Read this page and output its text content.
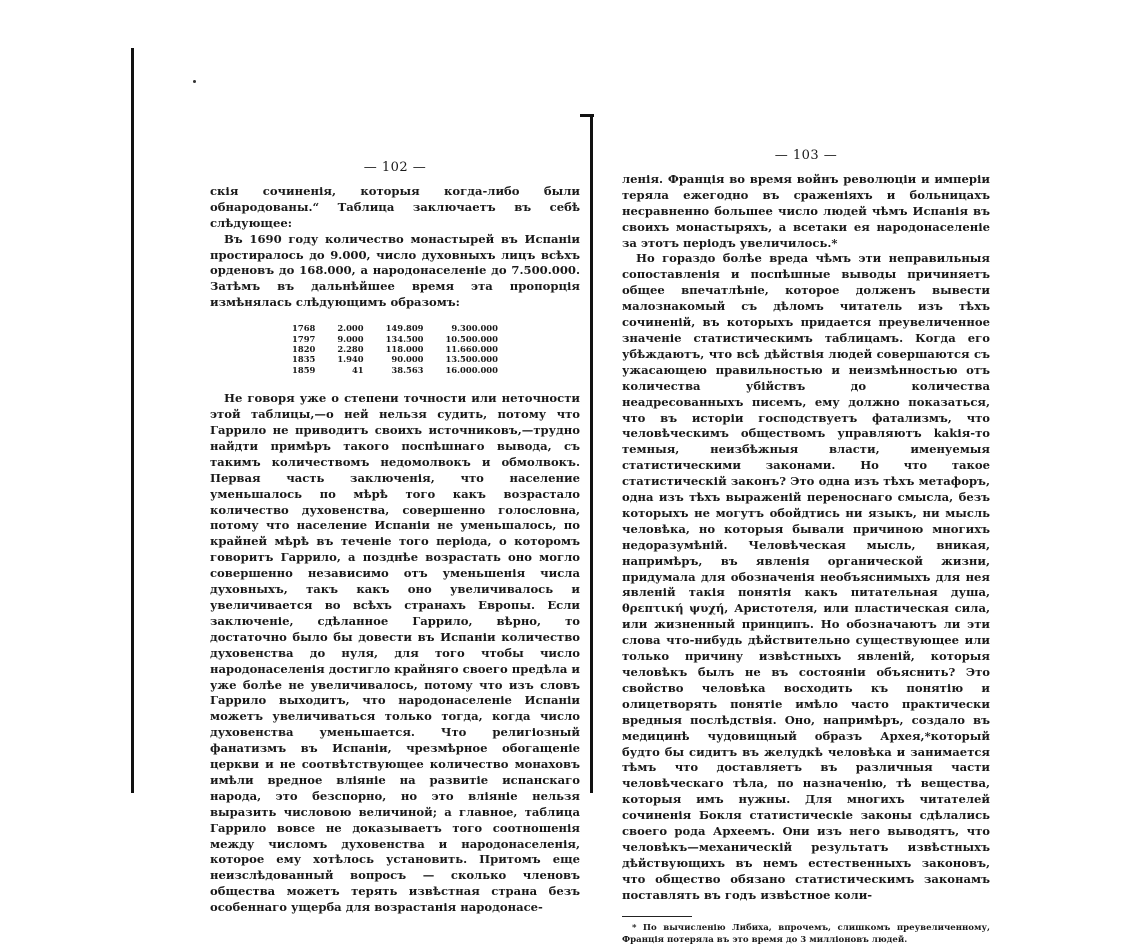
— 102 —

скія сочиненія, которыя когда-либо были обнародованы.“ Таблица заключаетъ въ себѣ слѣдующее:

Въ 1690 году количество монастырей въ Испаніи простиралось до 9.000, число духовныхъ лицъ всѣхъ орденовъ до 168.000, а народонаселеніе до 7.500.000. Затѣмъ въ дальнѣйшее время эта пропорція измѣнялась слѣдующимъ образомъ:

1768	2.000	149.809	9.300.000
1797	9.000	134.500	10.500.000
1820	2.280	118.000	11.660.000
1835	1.940	90.000	13.500.000
1859	41	38.563	16.000.000

Не говоря уже о степени точности или неточности этой таблицы,—о ней нельзя судить, потому что Гаррило не приводитъ своихъ источниковъ,—трудно найдти примѣръ такого поспѣшнаго вывода, съ такимъ количествомъ недомолвокъ и обмолвокъ. Первая часть заключенія, что население уменьшалось по мѣрѣ того какъ возрастало количество духовенства, совершенно голословна, потому что население Испаніи не уменьшалось, по крайней мѣрѣ въ теченіе того періода, о которомъ говоритъ Гаррило, а позднѣе возрастать оно могло совершенно независимо отъ уменьшенія числа духовныхъ, такъ какъ оно увеличивалось и увеличивается во всѣхъ странахъ Европы. Если заключеніе, сдѣланное Гаррило, вѣрно, то достаточно было бы довести въ Испаніи количество духовенства до нуля, для того чтобы число народонаселенія достигло крайняго своего предѣла и уже болѣе не увеличивалось, потому что изъ словъ Гаррило выходитъ, что народонаселеніе Испаніи можетъ увеличиваться только тогда, когда число духовенства уменьшается. Что религіозный фанатизмъ въ Испаніи, чрезмѣрное обогащеніе церкви и не соотвѣтствующее количество монаховъ имѣли вредное вліяніе на развитіе испанскаго народа, это безспорно, но это вліяніе нельзя выразить числовою величиной; а главное, таблица Гаррило вовсе не доказываетъ того соотношенія между числомъ духовенства и народонаселенія, которое ему хотѣлось установить. Притомъ еще неизслѣдованный вопросъ — сколько членовъ общества можетъ терять извѣстная страна безъ особеннаго ущерба для возрастанія народонасе-

— 103 —

ленія. Франція во время войнъ революціи и имперіи теряла ежегодно въ сраженіяхъ и больницахъ несравненно большее число людей чѣмъ Испанія въ своихъ монастыряхъ, а всетаки ея народонаселеніе за этотъ періодъ увеличилось.*

Но гораздо болѣе вреда чѣмъ эти неправильныя сопоставленія и поспѣшные выводы причиняетъ общее впечатлѣніе, которое долженъ вывести малознакомый съ дѣломъ читатель изъ тѣхъ сочиненій, въ которыхъ придается преувеличенное значеніе статистическимъ таблицамъ. Когда его убѣждаютъ, что всѣ дѣйствія людей совершаются съ ужасающею правильностью и неизмѣнностью отъ количества убійствъ до количества неадресованныхъ писемъ, ему должно показаться, что въ исторіи господствуетъ фатализмъ, что человѣческимъ обществомъ управляютъ kakія-то темныя, неизбѣжныя власти, именуемыя статистическими законами. Но что такое статистическій законъ? Это одна изъ тѣхъ метафоръ, одна изъ тѣхъ выраженій переноснаго смысла, безъ которыхъ не могутъ обойдтись ни языкъ, ни мысль человѣка, но которыя бывали причиною многихъ недоразумѣній. Человѣческая мысль, вникая, напримѣръ, въ явленія органической жизни, придумала для обозначенія необъяснимыхъ для нея явленій такія понятія какъ питательная душа, θρεπτική ψυχή, Аристотеля, или пластическая сила, или жизненный принципъ. Но обозначаютъ ли эти слова что-нибудь дѣйствительно существующее или только причину извѣстныхъ явленій, которыя человѣкъ былъ не въ состояніи объяснить? Это свойство человѣка восходить къ понятію и олицетворять понятіе имѣло часто практически вредныя послѣдствія. Оно, напримѣръ, создало въ медицинѣ чудовищный образъ Архея,*который будто бы сидитъ въ желудкѣ человѣка и занимается тѣмъ что доставляетъ въ различныя части человѣческаго тѣла, по назначенію, тѣ вещества, которыя имъ нужны. Для многихъ читателей сочиненія Бокля статистическіе законы сдѣлались своего рода Археемъ. Они изъ него выводятъ, что человѣкъ—механическій результатъ извѣстныхъ дѣйствующихъ въ немъ естественныхъ законовъ, что общество обязано статистическимъ законамъ поставлять въ годъ извѣстное коли-

* По вычисленію Либиха, впрочемъ, слишкомъ преувеличенному, Франція потеряла въ это время до 3 милліоновъ людей.
